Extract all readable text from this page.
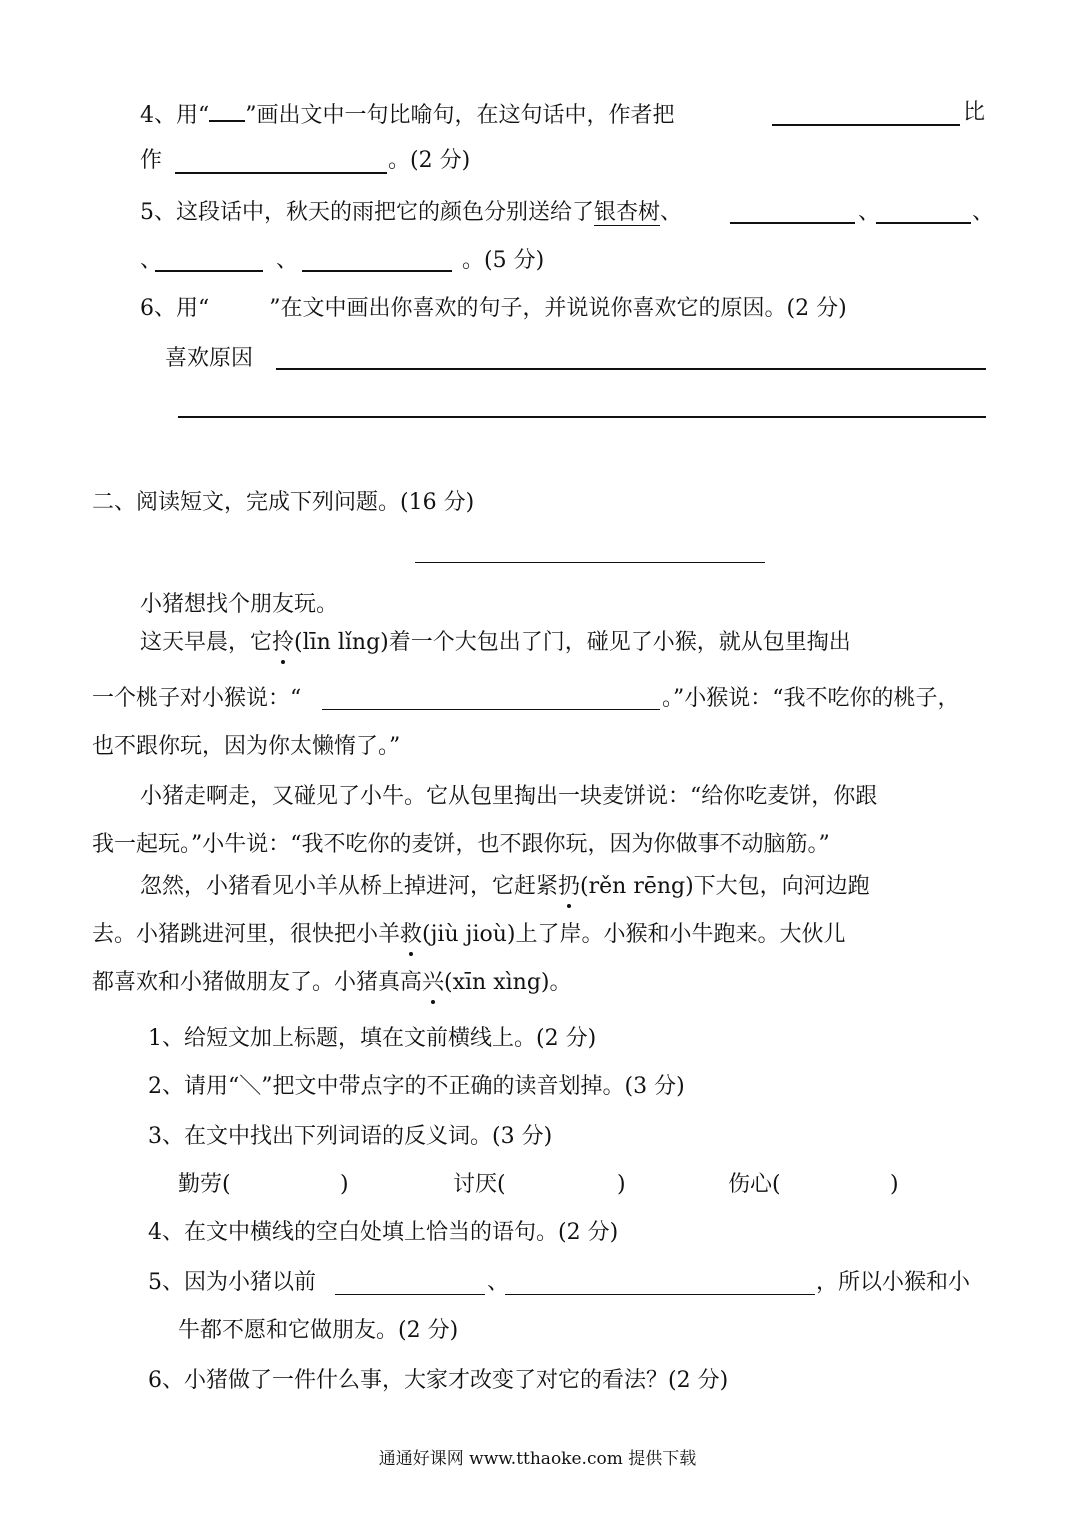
4、用“ ”画出文中一句比喻句，在这句话中，作者把	比
作	。(2 分)
5、这段话中，秋天的雨把它的颜色分别送给了银杏树、	、	、
、	、	。(5 分)
6、用“	”在文中画出你喜欢的句子，并说说你喜欢它的原因。(2 分)
喜欢原因
二、阅读短文，完成下列问题。(16 分)
小猪想找个朋友玩。
这天早晨，它拎(līn lǐng)着一个大包出了门，碰见了小猴，就从包里掏出
一个桃子对小猴说：“	。”小猴说：“我不吃你的桃子，
也不跟你玩，因为你太懒惰了。”
小猪走啊走，又碰见了小牛。它从包里掏出一块麦饼说：“给你吃麦饼，你跟
我一起玩。”小牛说：“我不吃你的麦饼，也不跟你玩，因为你做事不动脑筋。”
忽然，小猪看见小羊从桥上掉进河，它赶紧扔(rěn rēng)下大包，向河边跑
去。小猪跳进河里，很快把小羊救(jiù jioù)上了岸。小猴和小牛跑来。大伙儿
都喜欢和小猪做朋友了。小猪真高兴(xīn xìng)。
1、给短文加上标题，填在文前横线上。(2 分)
2、请用“＼”把文中带点字的不正确的读音划掉。(3 分)
3、在文中找出下列词语的反义词。(3 分)
勤劳(	)	讨厌(	)	伤心(	)
4、在文中横线的空白处填上恰当的语句。(2 分)
5、因为小猪以前	、	，所以小猴和小
牛都不愿和它做朋友。(2 分)
6、小猪做了一件什么事，大家才改变了对它的看法？(2 分)
通通好课网 www.tthaoke.com 提供下载
